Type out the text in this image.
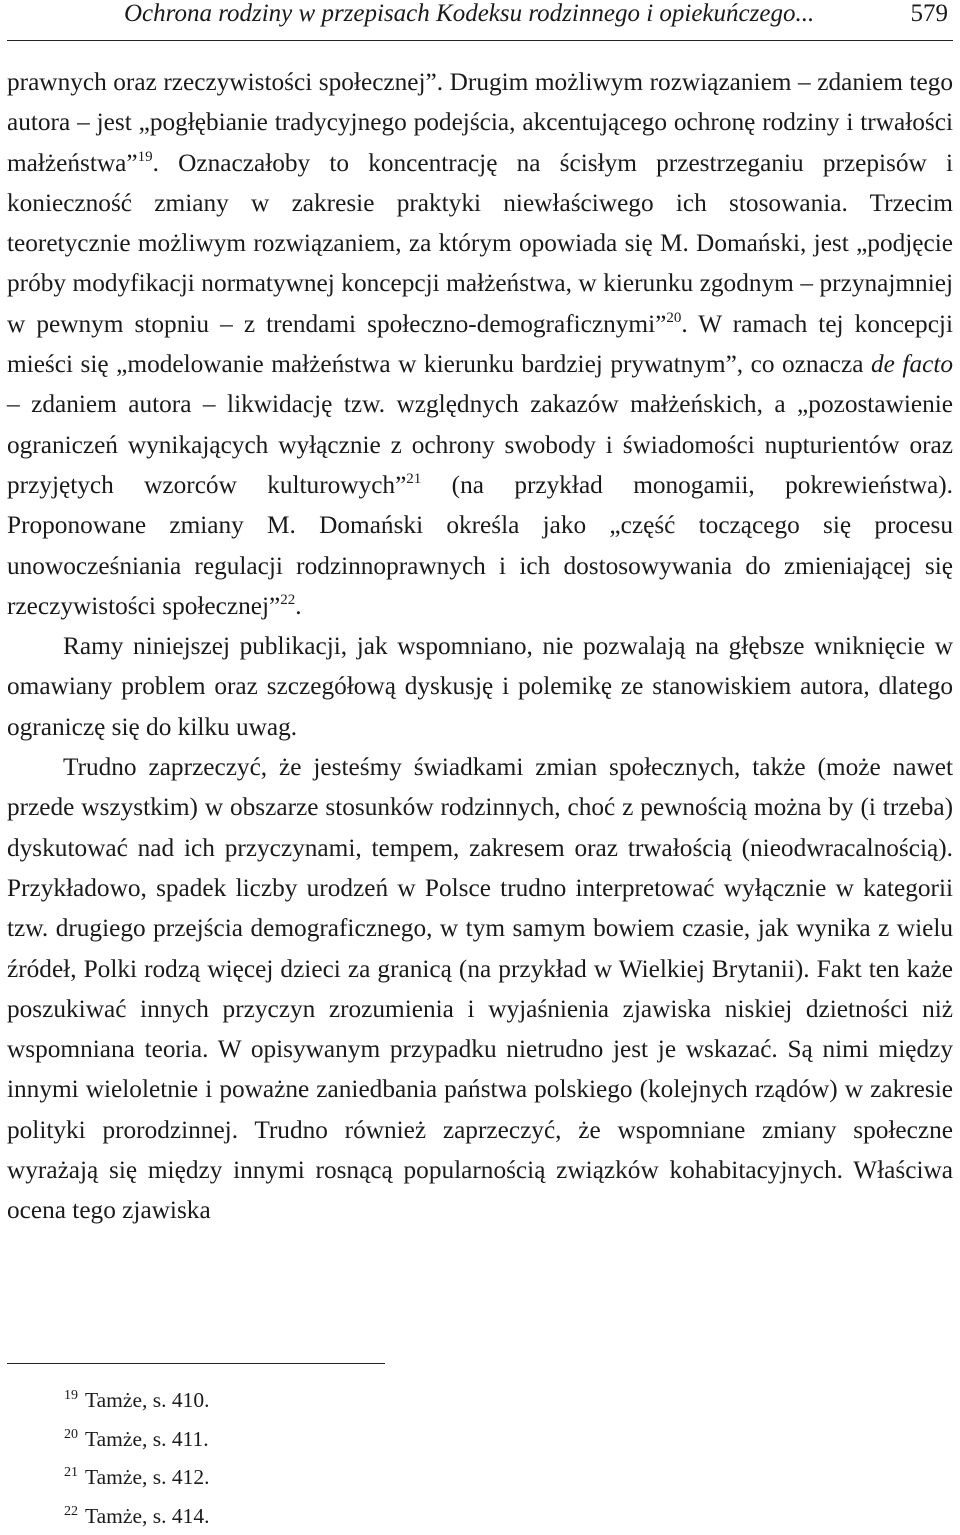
Ochrona rodziny w przepisach Kodeksu rodzinnego i opiekuńczego...	579

prawnych oraz rzeczywistości społecznej”. Drugim możliwym rozwiązaniem – zdaniem tego autora – jest „pogłębianie tradycyjnego podejścia, akcentującego ochronę rodziny i trwałości małżeństwa”$^{19}$. Oznaczałoby to koncentrację na ścisłym przestrzeganiu przepisów i konieczność zmiany w zakresie praktyki niewłaściwego ich stosowania. Trzecim teoretycznie możliwym rozwiązaniem, za którym opowiada się M. Domański, jest „podjęcie próby modyfikacji normatywnej koncepcji małżeństwa, w kierunku zgodnym – przynajmniej w pewnym stopniu – z trendami społeczno-demograficznymi”$^{20}$. W ramach tej koncepcji mieści się „modelowanie małżeństwa w kierunku bardziej prywatnym”, co oznacza de facto – zdaniem autora – likwidację tzw. względnych zakazów małżeńskich, a „pozostawienie ograniczeń wynikających wyłącznie z ochrony swobody i świadomości nupturientów oraz przyjętych wzorców kulturowych”$^{21}$ (na przykład monogamii, pokrewieństwa). Proponowane zmiany M. Domański określa jako „część toczącego się procesu unowocześniania regulacji rodzinnoprawnych i ich dostosowywania do zmieniającej się rzeczywistości społecznej”$^{22}$.

Ramy niniejszej publikacji, jak wspomniano, nie pozwalają na głębsze wniknięcie w omawiany problem oraz szczegółową dyskusję i polemikę ze stanowiskiem autora, dlatego ograniczę się do kilku uwag.

Trudno zaprzeczyć, że jesteśmy świadkami zmian społecznych, także (może nawet przede wszystkim) w obszarze stosunków rodzinnych, choć z pewnością można by (i trzeba) dyskutować nad ich przyczynami, tempem, zakresem oraz trwałością (nieodwracalnością). Przykładowo, spadek liczby urodzeń w Polsce trudno interpretować wyłącznie w kategorii tzw. drugiego przejścia demograficznego, w tym samym bowiem czasie, jak wynika z wielu źródeł, Polki rodzą więcej dzieci za granicą (na przykład w Wielkiej Brytanii). Fakt ten każe poszukiwać innych przyczyn zrozumienia i wyjaśnienia zjawiska niskiej dzietności niż wspomniana teoria. W opisywanym przypadku nietrudno jest je wskazać. Są nimi między innymi wieloletnie i poważne zaniedbania państwa polskiego (kolejnych rządów) w zakresie polityki prorodzinnej. Trudno również zaprzeczyć, że wspomniane zmiany społeczne wyrażają się między innymi rosnącą popularnością związków kohabitacyjnych. Właściwa ocena tego zjawiska

$^{19}$ Tamże, s. 410.
$^{20}$ Tamże, s. 411.
$^{21}$ Tamże, s. 412.
$^{22}$ Tamże, s. 414.
